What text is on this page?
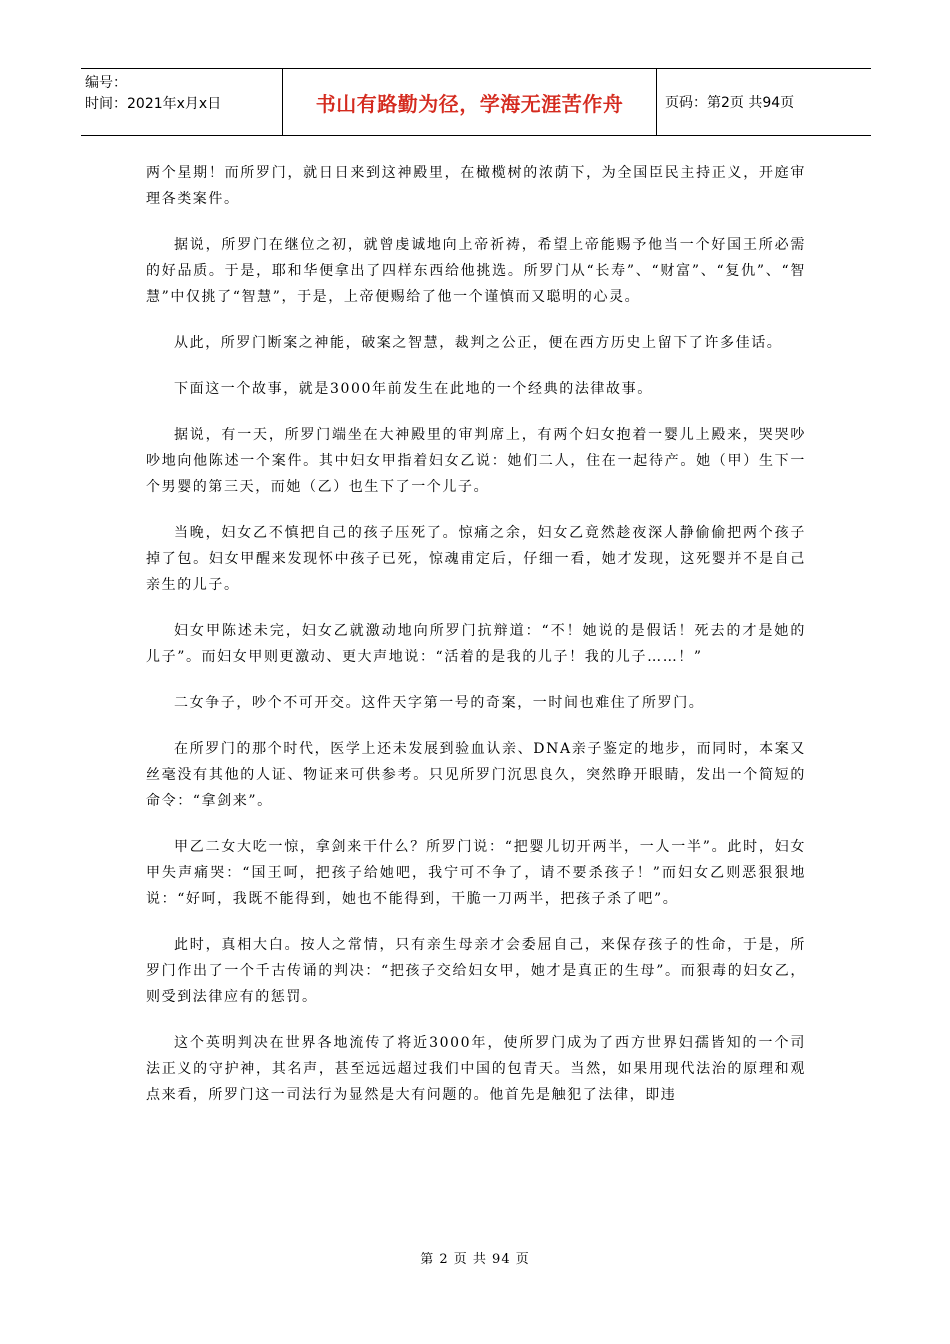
编号：
时间：2021年x月x日	书山有路勤为径，学海无涯苦作舟	页码：第2页 共94页

两个星期！而所罗门，就日日来到这神殿里，在橄榄树的浓荫下，为全国臣民主持正义，开庭审理各类案件。

据说，所罗门在继位之初，就曾虔诚地向上帝祈祷，希望上帝能赐予他当一个好国王所必需的好品质。于是，耶和华便拿出了四样东西给他挑选。所罗门从“长寿”、“财富”、“复仇”、“智慧”中仅挑了“智慧”，于是，上帝便赐给了他一个谨慎而又聪明的心灵。

从此，所罗门断案之神能，破案之智慧，裁判之公正，便在西方历史上留下了许多佳话。

下面这一个故事，就是3000年前发生在此地的一个经典的法律故事。

据说，有一天，所罗门端坐在大神殿里的审判席上，有两个妇女抱着一婴儿上殿来，哭哭吵吵地向他陈述一个案件。其中妇女甲指着妇女乙说：她们二人，住在一起待产。她（甲）生下一个男婴的第三天，而她（乙）也生下了一个儿子。

当晚，妇女乙不慎把自己的孩子压死了。惊痛之余，妇女乙竟然趁夜深人静偷偷把两个孩子掉了包。妇女甲醒来发现怀中孩子已死，惊魂甫定后，仔细一看，她才发现，这死婴并不是自己亲生的儿子。

妇女甲陈述未完，妇女乙就激动地向所罗门抗辩道：“不！她说的是假话！死去的才是她的儿子”。而妇女甲则更激动、更大声地说：“活着的是我的儿子！我的儿子……！”

二女争子，吵个不可开交。这件天字第一号的奇案，一时间也难住了所罗门。

在所罗门的那个时代，医学上还未发展到验血认亲、DNA亲子鉴定的地步，而同时，本案又丝毫没有其他的人证、物证来可供参考。只见所罗门沉思良久，突然睁开眼睛，发出一个简短的命令：“拿剑来”。

甲乙二女大吃一惊，拿剑来干什么？所罗门说：“把婴儿切开两半，一人一半”。此时，妇女甲失声痛哭：“国王呵，把孩子给她吧，我宁可不争了，请不要杀孩子！”而妇女乙则恶狠狠地说：“好呵，我既不能得到，她也不能得到，干脆一刀两半，把孩子杀了吧”。

此时，真相大白。按人之常情，只有亲生母亲才会委屈自己，来保存孩子的性命，于是，所罗门作出了一个千古传诵的判决：“把孩子交给妇女甲，她才是真正的生母”。而狠毒的妇女乙，则受到法律应有的惩罚。

这个英明判决在世界各地流传了将近3000年，使所罗门成为了西方世界妇孺皆知的一个司法正义的守护神，其名声，甚至远远超过我们中国的包青天。当然，如果用现代法治的原理和观点来看，所罗门这一司法行为显然是大有问题的。他首先是触犯了法律，即违

第 2 页 共 94 页
